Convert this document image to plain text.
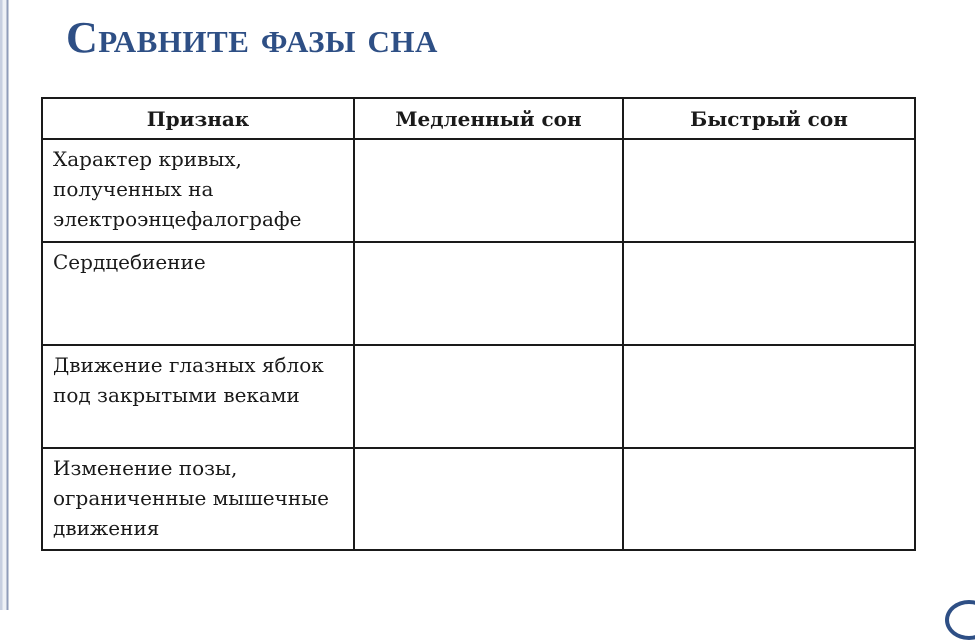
Сравните фазы сна
Признак	Медленный сон	Быстрый сон
Характер кривых, полученных на электроэнцефалографе		
Сердцебиение		
Движение глазных яблок под закрытыми веками		
Изменение позы, ограниченные мышечные движения		
